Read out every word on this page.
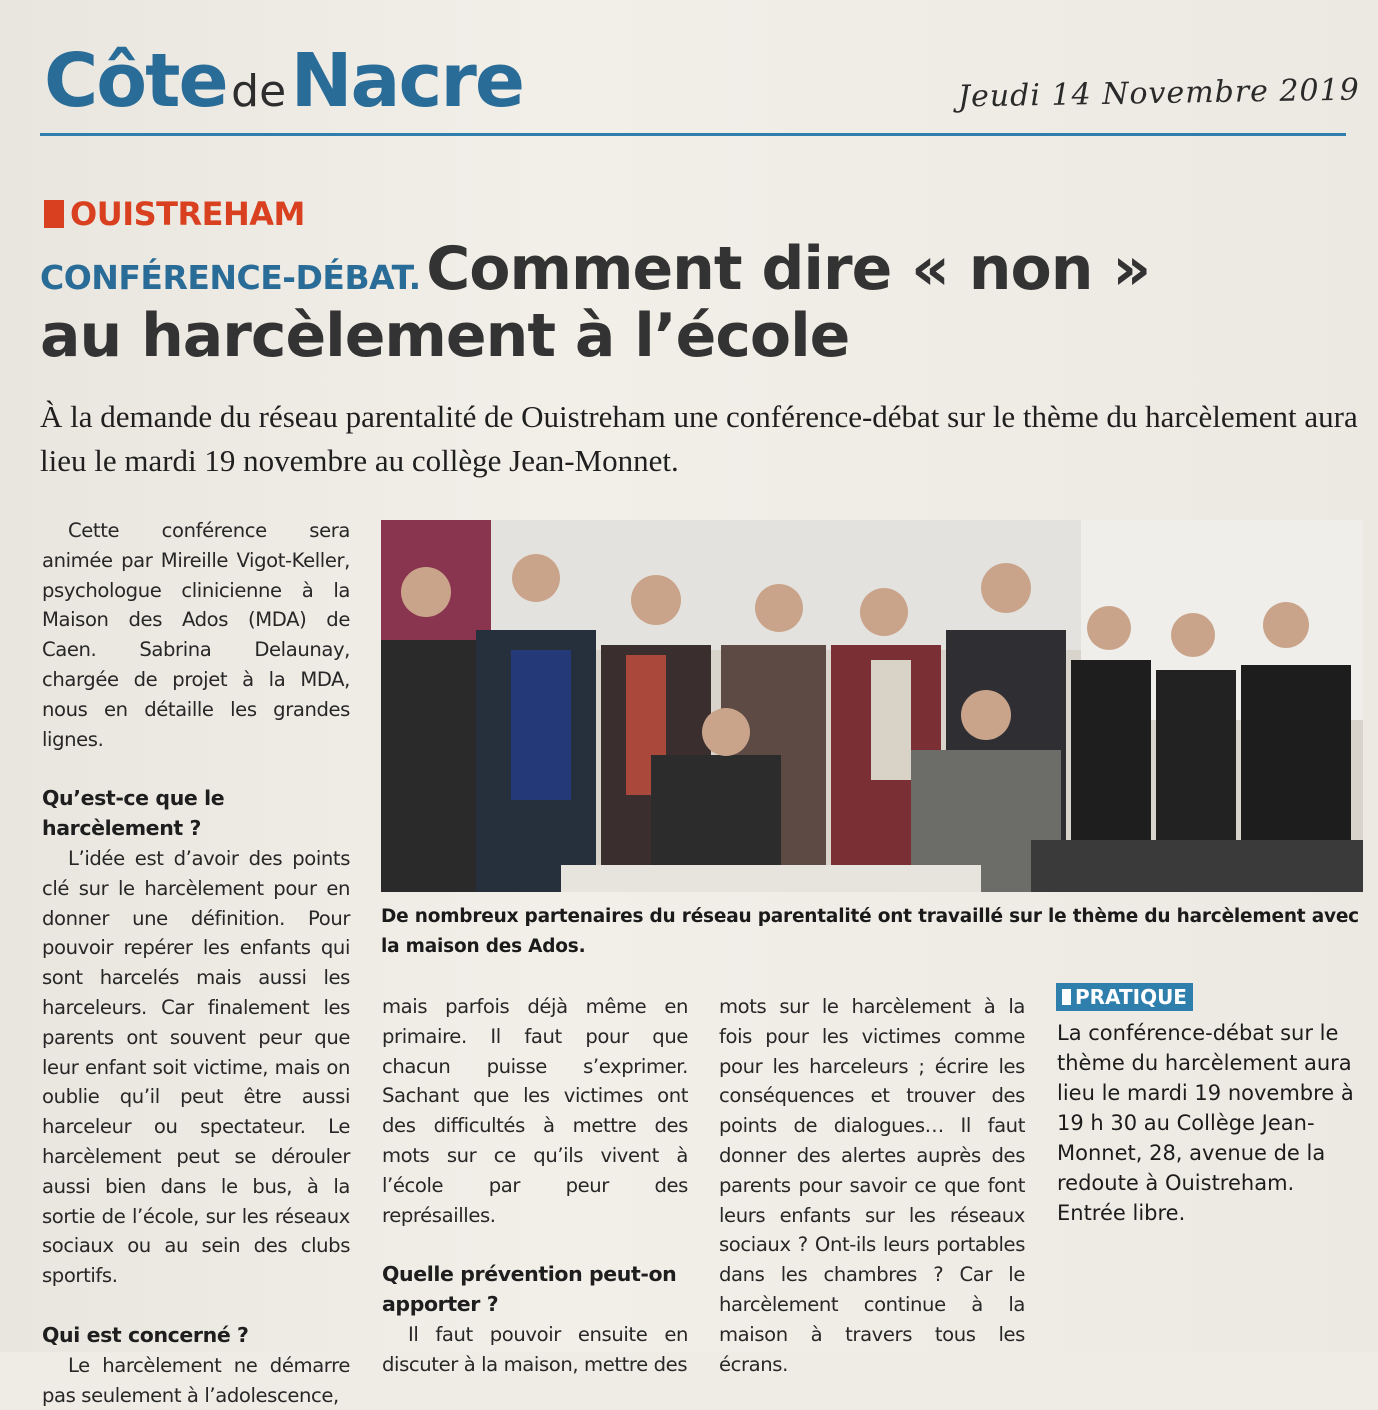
Côte de Nacre	Jeudi 14 Novembre 2019
OUISTREHAM
CONFÉRENCE-DÉBAT. Comment dire « non »
au harcèlement à l’école
À la demande du réseau parentalité de Ouistreham une conférence-débat sur le thème du harcèlement aura lieu le mardi 19 novembre au collège Jean-Monnet.

Cette conférence sera animée par Mireille Vigot-Keller, psychologue clinicienne à la Maison des Ados (MDA) de Caen. Sabrina Delaunay, chargée de projet à la MDA, nous en détaille les grandes lignes.

Qu’est-ce que le harcèlement ?

L’idée est d’avoir des points clé sur le harcèlement pour en donner une définition. Pour pouvoir repérer les enfants qui sont harcelés mais aussi les harceleurs. Car finalement les parents ont souvent peur que leur enfant soit victime, mais on oublie qu’il peut être aussi harceleur ou spectateur. Le harcèlement peut se dérouler aussi bien dans le bus, à la sortie de l’école, sur les réseaux sociaux ou au sein des clubs sportifs.

Qui est concerné ?

Le harcèlement ne démarre pas seulement à l’adolescence,

De nombreux partenaires du réseau parentalité ont travaillé sur le thème du harcèlement avec la maison des Ados.

mais parfois déjà même en primaire. Il faut pour que chacun puisse s’exprimer. Sachant que les victimes ont des difficultés à mettre des mots sur ce qu’ils vivent à l’école par peur des représailles.

Quelle prévention peut-on apporter ?

Il faut pouvoir ensuite en discuter à la maison, mettre des

mots sur le harcèlement à la fois pour les victimes comme pour les harceleurs ; écrire les conséquences et trouver des points de dialogues… Il faut donner des alertes auprès des parents pour savoir ce que font leurs enfants sur les réseaux sociaux ? Ont-ils leurs portables dans les chambres ? Car le harcèlement continue à la maison à travers tous les écrans.

PRATIQUE
La conférence-débat sur le thème du harcèlement aura lieu le mardi 19 novembre à 19 h 30 au Collège Jean-Monnet, 28, avenue de la redoute à Ouistreham. Entrée libre.
